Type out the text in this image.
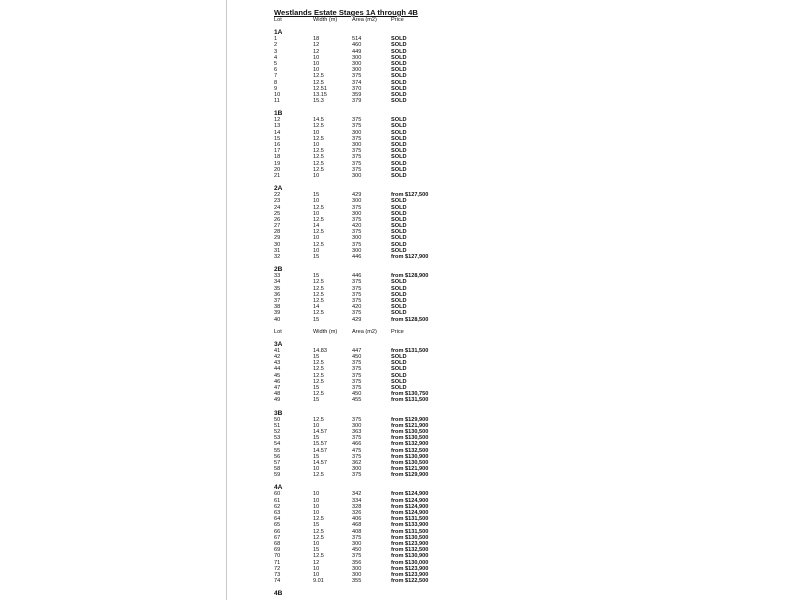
Westlands Estate Stages 1A through 4B
Lot	Width (m)	Area (m2)	Price
1A
1	18	514	SOLD
2	12	460	SOLD
3	12	449	SOLD
4	10	300	SOLD
5	10	300	SOLD
6	10	300	SOLD
7	12.5	375	SOLD
8	12.5	374	SOLD
9	12.51	370	SOLD
10	13.15	359	SOLD
11	15.3	379	SOLD
1B
12	14.5	375	SOLD
13	12.5	375	SOLD
14	10	300	SOLD
15	12.5	375	SOLD
16	10	300	SOLD
17	12.5	375	SOLD
18	12.5	375	SOLD
19	12.5	375	SOLD
20	12.5	375	SOLD
21	10	300	SOLD
2A
22	15	429	from $127,500
23	10	300	SOLD
24	12.5	375	SOLD
25	10	300	SOLD
26	12.5	375	SOLD
27	14	420	SOLD
28	12.5	375	SOLD
29	10	300	SOLD
30	12.5	375	SOLD
31	10	300	SOLD
32	15	446	from $127,900
2B
33	15	446	from $128,900
34	12.5	375	SOLD
35	12.5	375	SOLD
36	12.5	375	SOLD
37	12.5	375	SOLD
38	14	420	SOLD
39	12.5	375	SOLD
40	15	429	from $128,500
Lot	Width (m)	Area (m2)	Price
3A
41	14.83	447	from $131,500
42	15	450	SOLD
43	12.5	375	SOLD
44	12.5	375	SOLD
45	12.5	375	SOLD
46	12.5	375	SOLD
47	15	375	SOLD
48	12.5	450	from $130,750
49	15	455	from $131,500
3B
50	12.5	375	from $129,900
51	10	300	from $121,900
52	14.57	363	from $130,500
53	15	375	from $130,500
54	15.57	466	from $132,900
55	14.57	475	from $132,500
56	15	375	from $130,900
57	14.57	362	from $130,500
58	10	300	from $121,900
59	12.5	375	from $129,900
4A
60	10	342	from $124,900
61	10	334	from $124,900
62	10	328	from $124,900
63	10	326	from $124,900
64	12.5	406	from $131,500
65	15	468	from $133,900
66	12.5	408	from $131,500
67	12.5	375	from $130,500
68	10	300	from $123,900
69	15	450	from $132,500
70	12.5	375	from $130,900
71	12	356	from $130,000
72	10	300	from $123,900
73	10	300	from $123,900
74	9.01	355	from $122,500
4B
